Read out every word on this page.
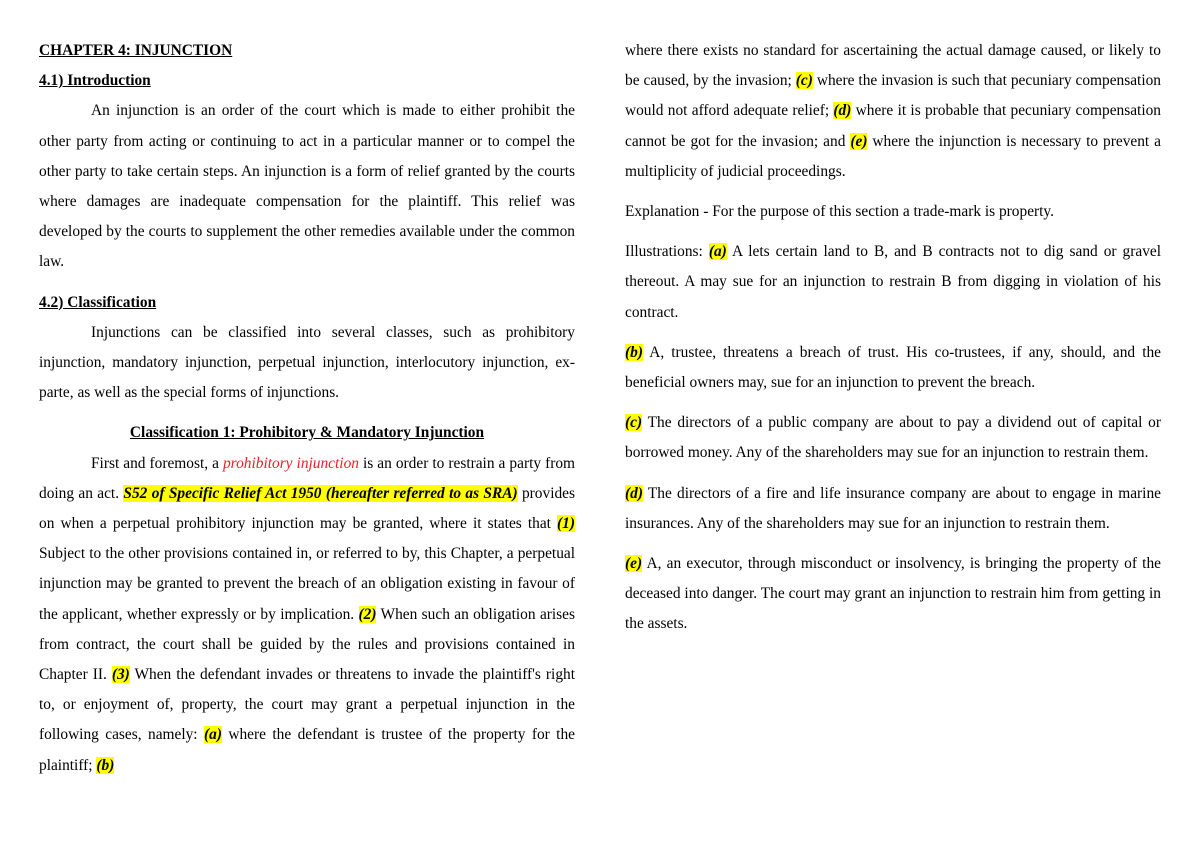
CHAPTER 4: INJUNCTION

4.1) Introduction

An injunction is an order of the court which is made to either prohibit the other party from acting or continuing to act in a particular manner or to compel the other party to take certain steps. An injunction is a form of relief granted by the courts where damages are inadequate compensation for the plaintiff. This relief was developed by the courts to supplement the other remedies available under the common law.

4.2) Classification

Injunctions can be classified into several classes, such as prohibitory injunction, mandatory injunction, perpetual injunction, interlocutory injunction, ex-parte, as well as the special forms of injunctions.

Classification 1: Prohibitory & Mandatory Injunction

First and foremost, a prohibitory injunction is an order to restrain a party from doing an act. S52 of Specific Relief Act 1950 (hereafter referred to as SRA) provides on when a perpetual prohibitory injunction may be granted, where it states that (1) Subject to the other provisions contained in, or referred to by, this Chapter, a perpetual injunction may be granted to prevent the breach of an obligation existing in favour of the applicant, whether expressly or by implication. (2) When such an obligation arises from contract, the court shall be guided by the rules and provisions contained in Chapter II. (3) When the defendant invades or threatens to invade the plaintiff's right to, or enjoyment of, property, the court may grant a perpetual injunction in the following cases, namely: (a) where the defendant is trustee of the property for the plaintiff; (b)

where there exists no standard for ascertaining the actual damage caused, or likely to be caused, by the invasion; (c) where the invasion is such that pecuniary compensation would not afford adequate relief; (d) where it is probable that pecuniary compensation cannot be got for the invasion; and (e) where the injunction is necessary to prevent a multiplicity of judicial proceedings.

Explanation - For the purpose of this section a trade-mark is property.

Illustrations: (a) A lets certain land to B, and B contracts not to dig sand or gravel thereout. A may sue for an injunction to restrain B from digging in violation of his contract.

(b) A, trustee, threatens a breach of trust. His co-trustees, if any, should, and the beneficial owners may, sue for an injunction to prevent the breach.

(c) The directors of a public company are about to pay a dividend out of capital or borrowed money. Any of the shareholders may sue for an injunction to restrain them.

(d) The directors of a fire and life insurance company are about to engage in marine insurances. Any of the shareholders may sue for an injunction to restrain them.

(e) A, an executor, through misconduct or insolvency, is bringing the property of the deceased into danger. The court may grant an injunction to restrain him from getting in the assets.
